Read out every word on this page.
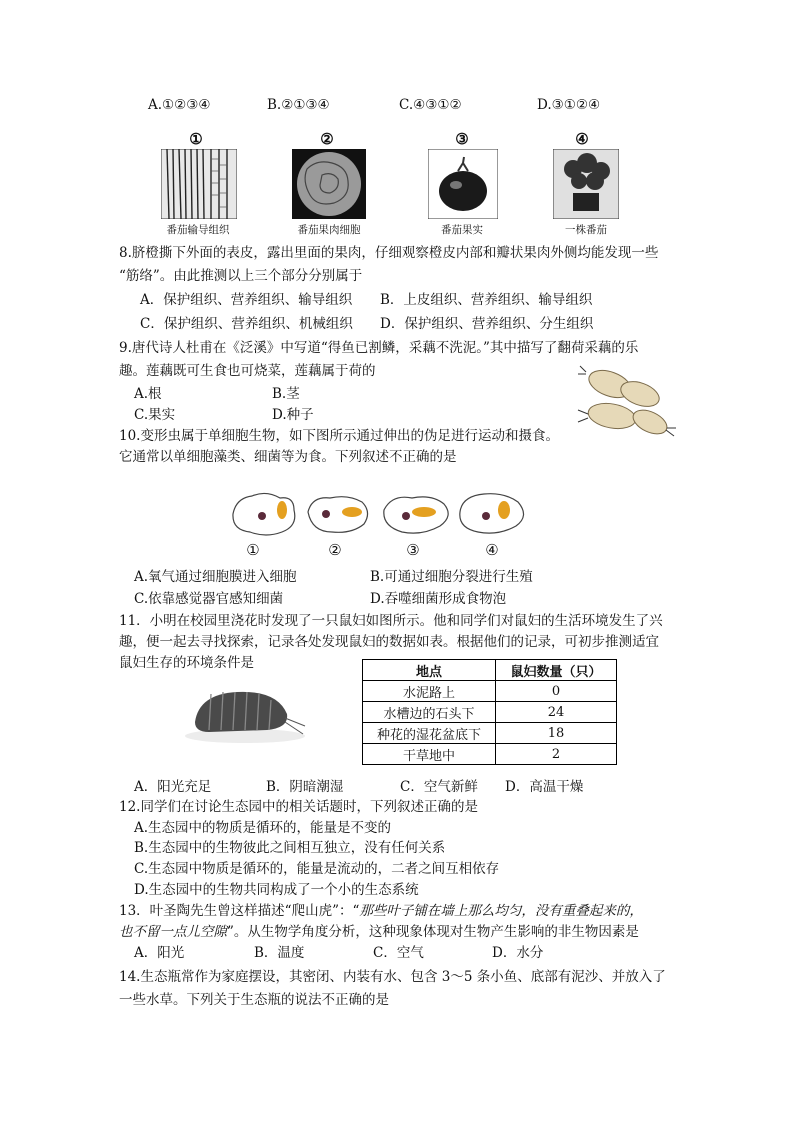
A.①②③④	B.②①③④	C.④③①②	D.③①②④
①	②	③	④
番茄输导组织	番茄果肉细胞	番茄果实	一株番茄
8.脐橙撕下外面的表皮，露出里面的果肉，仔细观察橙皮内部和瓣状果肉外侧均能发现一些
“筋络”。由此推测以上三个部分分别属于
A．保护组织、营养组织、输导组织 B．上皮组织、营养组织、输导组织
C．保护组织、营养组织、机械组织 D．保护组织、营养组织、分生组织
9.唐代诗人杜甫在《泛溪》中写道“得鱼已割鳞，采藕不洗泥。”其中描写了翻荷采藕的乐
趣。莲藕既可生食也可烧菜，莲藕属于荷的
A.根	B.茎
C.果实	D.种子
10.变形虫属于单细胞生物，如下图所示通过伸出的伪足进行运动和摄食。
它通常以单细胞藻类、细菌等为食。下列叙述不正确的是
①	②	③	④
A.氧气通过细胞膜进入细胞	B.可通过细胞分裂进行生殖
C.依靠感觉器官感知细菌	D.吞噬细菌形成食物泡
11．小明在校园里浇花时发现了一只鼠妇如图所示。他和同学们对鼠妇的生活环境发生了兴
趣，便一起去寻找探索，记录各处发现鼠妇的数据如表。根据他们的记录，可初步推测适宜
鼠妇生存的环境条件是
地点	鼠妇数量（只）
水泥路上	0
水槽边的石头下	24
种花的湿花盆底下	18
干草地中	2
A．阳光充足	B．阴暗潮湿	C．空气新鲜 D．高温干燥
12.同学们在讨论生态园中的相关话题时，下列叙述正确的是
A.生态园中的物质是循环的，能量是不变的
B.生态园中的生物彼此之间相互独立，没有任何关系
C.生态园中物质是循环的，能量是流动的，二者之间互相依存
D.生态园中的生物共同构成了一个小的生态系统
13．叶圣陶先生曾这样描述“爬山虎”：“那些叶子铺在墙上那么均匀，没有重叠起来的，
也不留一点儿空隙”。从生物学角度分析，这种现象体现对生物产生影响的非生物因素是
A．阳光	B．温度	C．空气	D．水分
14.生态瓶常作为家庭摆设，其密闭、内装有水、包含 3～5 条小鱼、底部有泥沙、并放入了
一些水草。下列关于生态瓶的说法不正确的是
